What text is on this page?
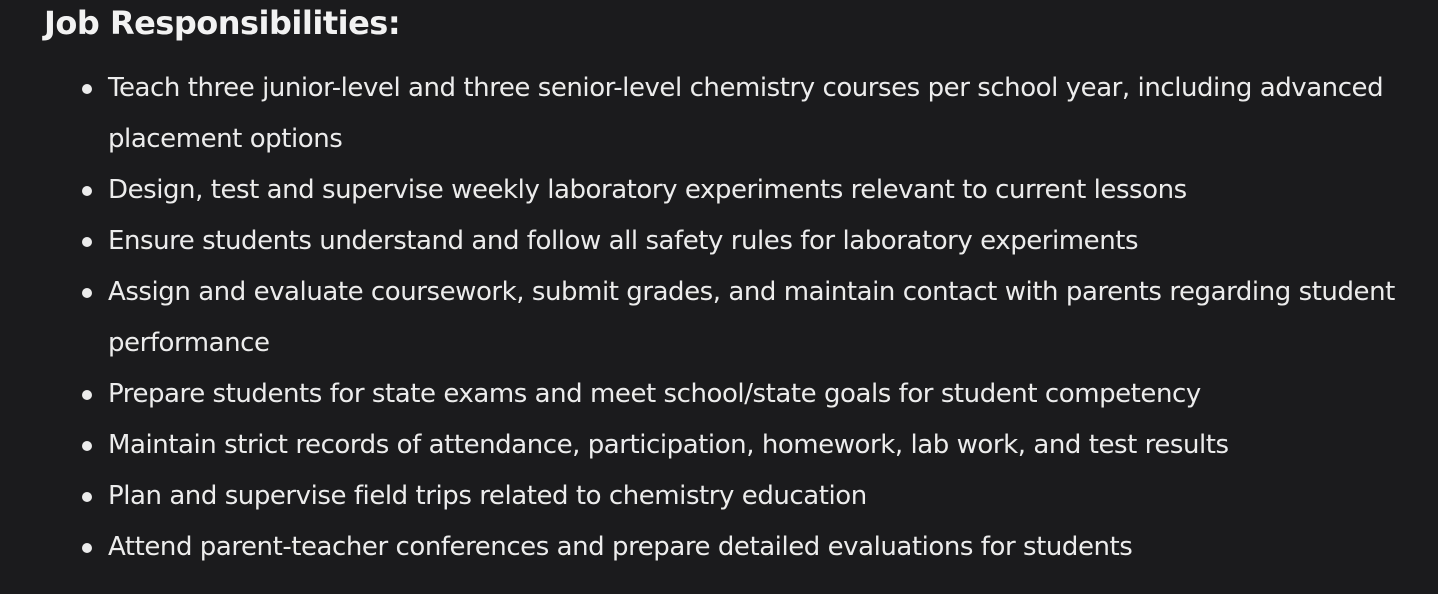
Job Responsibilities:
Teach three junior-level and three senior-level chemistry courses per school year, including advanced placement options
Design, test and supervise weekly laboratory experiments relevant to current lessons
Ensure students understand and follow all safety rules for laboratory experiments
Assign and evaluate coursework, submit grades, and maintain contact with parents regarding student performance
Prepare students for state exams and meet school/state goals for student competency
Maintain strict records of attendance, participation, homework, lab work, and test results
Plan and supervise field trips related to chemistry education
Attend parent-teacher conferences and prepare detailed evaluations for students
